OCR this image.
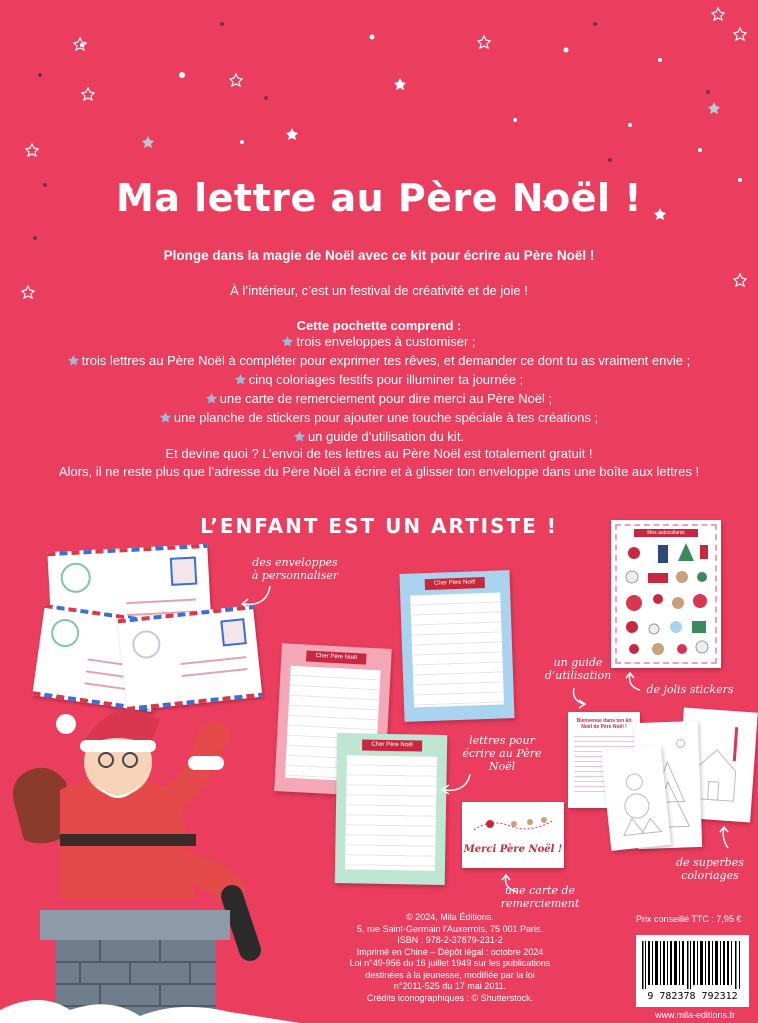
Ma lettre au Père Noël !
Plonge dans la magie de Noël avec ce kit pour écrire au Père Noël !
À l’intérieur, c’est un festival de créativité et de joie !
Cette pochette comprend :
trois enveloppes à customiser ;
trois lettres au Père Noël à compléter pour exprimer tes rêves, et demander ce dont tu as vraiment envie ;
cinq coloriages festifs pour illuminer ta journée ;
une carte de remerciement pour dire merci au Père Noël ;
une planche de stickers pour ajouter une touche spéciale à tes créations ;
un guide d’utilisation du kit.
Et devine quoi ? L’envoi de tes lettres au Père Noël est totalement gratuit !
Alors, il ne reste plus que l’adresse du Père Noël à écrire et à glisser ton enveloppe dans une boîte aux lettres !
L’ENFANT EST UN ARTISTE !
des enveloppes
à personnaliser
Cher Père Noël
Cher Père Noël
Cher Père Noël	lettres pour
écrire au Père
Noël
Merci Père Noël !
une carte de
remerciement
Mes autocollants
de jolis stickers
un guide
d’utilisation
Bienvenue dans ton kit Noël de Père Noël !
de superbes
coloriages
© 2024, Mila Éditions.
5, rue Saint-Germain l’Auxerrois, 75 001 Paris.
ISBN : 978-2-37879-231-2
Imprimé en Chine – Dépôt légal : octobre 2024
Loi n°49-956 du 16 juillet 1949 sur les publications
destinées à la jeunesse, modifiée par la loi
n°2011-525 du 17 mai 2011.
Crédits iconographiques : © Shutterstock.
Prix conseillé TTC : 7,95 €
9 782378 792312
www.mila-editions.fr
